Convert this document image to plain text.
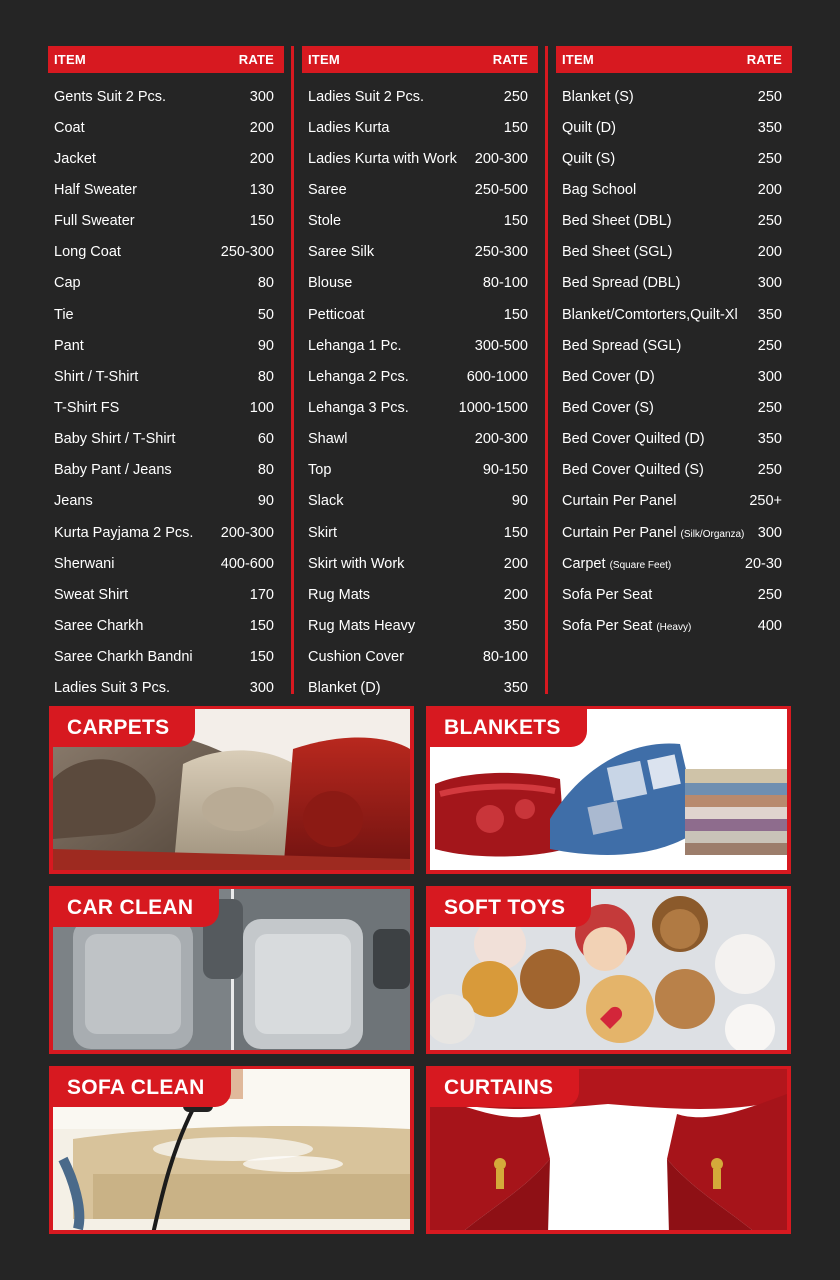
ITEM	RATE
Gents Suit 2 Pcs.	300
Coat	200
Jacket	200
Half Sweater	130
Full Sweater	150
Long Coat	250-300
Cap	80
Tie	50
Pant	90
Shirt / T-Shirt	80
T-Shirt FS	100
Baby Shirt / T-Shirt	60
Baby Pant / Jeans	80
Jeans	90
Kurta Payjama 2 Pcs. 200-300
Sherwani	400-600
Sweat Shirt	170
Saree Charkh	150
Saree Charkh Bandni	150
Ladies Suit 3 Pcs.	300
ITEM	RATE
Ladies Suit 2 Pcs.	250
Ladies Kurta	150
Ladies Kurta with Work 200-300
Saree	250-500
Stole	150
Saree Silk	250-300
Blouse	80-100
Petticoat	150
Lehanga 1 Pc.	300-500
Lehanga 2 Pcs.	600-1000
Lehanga 3 Pcs.	1000-1500
Shawl	200-300
Top	90-150
Slack	90
Skirt	150
Skirt with Work	200
Rug Mats	200
Rug Mats Heavy	350
Cushion Cover	80-100
Blanket (D)	350
ITEM	RATE
Blanket (S)	250
Quilt (D)	350
Quilt (S)	250
Bag School	200
Bed Sheet (DBL)	250
Bed Sheet (SGL)	200
Bed Spread (DBL)	300
Blanket/Comtorters,Quilt-Xl 350
Bed Spread (SGL)	250
Bed Cover (D)	300
Bed Cover (S)	250
Bed Cover Quilted (D)	350
Bed Cover Quilted (S)	250
Curtain Per Panel	250+
Curtain Per Panel (Silk/Organza) 300
Carpet (Square Feet)	20-30
Sofa Per Seat	250
Sofa Per Seat (Heavy)	400
CARPETS	BLANKETS
CAR CLEAN	SOFT TOYS
SOFA CLEAN	CURTAINS
